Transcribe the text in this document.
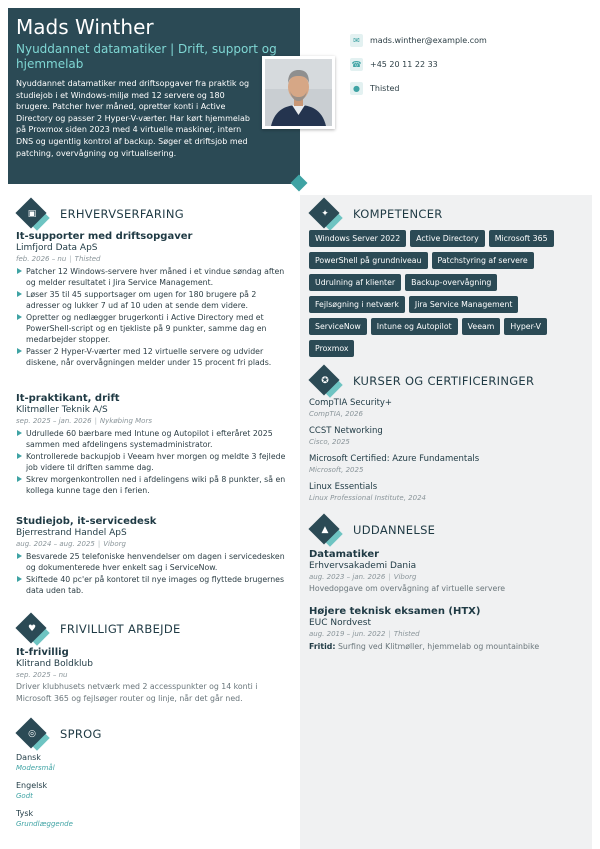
Mads Winther
Nyuddannet datamatiker | Drift, support og hjemmelab
Nyuddannet datamatiker med driftsopgaver fra praktik og studiejob i et Windows-miljø med 12 servere og 180 brugere. Patcher hver måned, opretter konti i Active Directory og passer 2 Hyper-V-værter. Har kørt hjemmelab på Proxmox siden 2023 med 4 virtuelle maskiner, intern DNS og ugentlig kontrol af backup. Søger et driftsjob med patching, overvågning og virtualisering.
✉	mads.winther@example.com
☎ +45 20 11 22 33
●	Thisted
▣	ERHVERVSERFARING
It-supporter med driftsopgaver
Limfjord Data ApS
feb. 2026 – nu | Thisted
Patcher 12 Windows-servere hver måned i et vindue søndag aften og melder resultatet i Jira Service Management.
Løser 35 til 45 supportsager om ugen for 180 brugere på 2 adresser og lukker 7 ud af 10 uden at sende dem videre.
Opretter og nedlægger brugerkonti i Active Directory med et PowerShell-script og en tjekliste på 9 punkter, samme dag en medarbejder stopper.
Passer 2 Hyper-V-værter med 12 virtuelle servere og udvider diskene, når overvågningen melder under 15 procent fri plads.
It-praktikant, drift
Klitmøller Teknik A/S
sep. 2025 – jan. 2026 | Nykøbing Mors
Udrullede 60 bærbare med Intune og Autopilot i efteråret 2025 sammen med afdelingens systemadministrator.
Kontrollerede backupjob i Veeam hver morgen og meldte 3 fejlede job videre til driften samme dag.
Skrev morgenkontrollen ned i afdelingens wiki på 8 punkter, så en kollega kunne tage den i ferien.
Studiejob, it-servicedesk
Bjerrestrand Handel ApS
aug. 2024 – aug. 2025 | Viborg
Besvarede 25 telefoniske henvendelser om dagen i servicedesken og dokumenterede hver enkelt sag i ServiceNow.
Skiftede 40 pc'er på kontoret til nye images og flyttede brugernes data uden tab.
♥	FRIVILLIGT ARBEJDE
It-frivillig
Klitrand Boldklub
sep. 2025 – nu
Driver klubhusets netværk med 2 accesspunkter og 14 konti i Microsoft 365 og fejlsøger router og linje, når det går ned.
◎	SPROG
Dansk
Modersmål
Engelsk
Godt
Tysk
Grundlæggende
✦	KOMPETENCER
Windows Server 2022	Active Directory	Microsoft 365
PowerShell på grundniveau	Patchstyring af servere
Udrulning af klienter	Backup-overvågning
Fejlsøgning i netværk	Jira Service Management
ServiceNow	Intune og Autopilot	Veeam	Hyper-V
Proxmox
✪	KURSER OG CERTIFICERINGER
CompTIA Security+
CompTIA, 2026
CCST Networking
Cisco, 2025
Microsoft Certified: Azure Fundamentals
Microsoft, 2025
Linux Essentials
Linux Professional Institute, 2024
▲	UDDANNELSE
Datamatiker
Erhvervsakademi Dania
aug. 2023 – jan. 2026 | Viborg
Hovedopgave om overvågning af virtuelle servere
Højere teknisk eksamen (HTX)
EUC Nordvest
aug. 2019 – jun. 2022 | Thisted
Fritid: Surfing ved Klitmøller, hjemmelab og mountainbike
